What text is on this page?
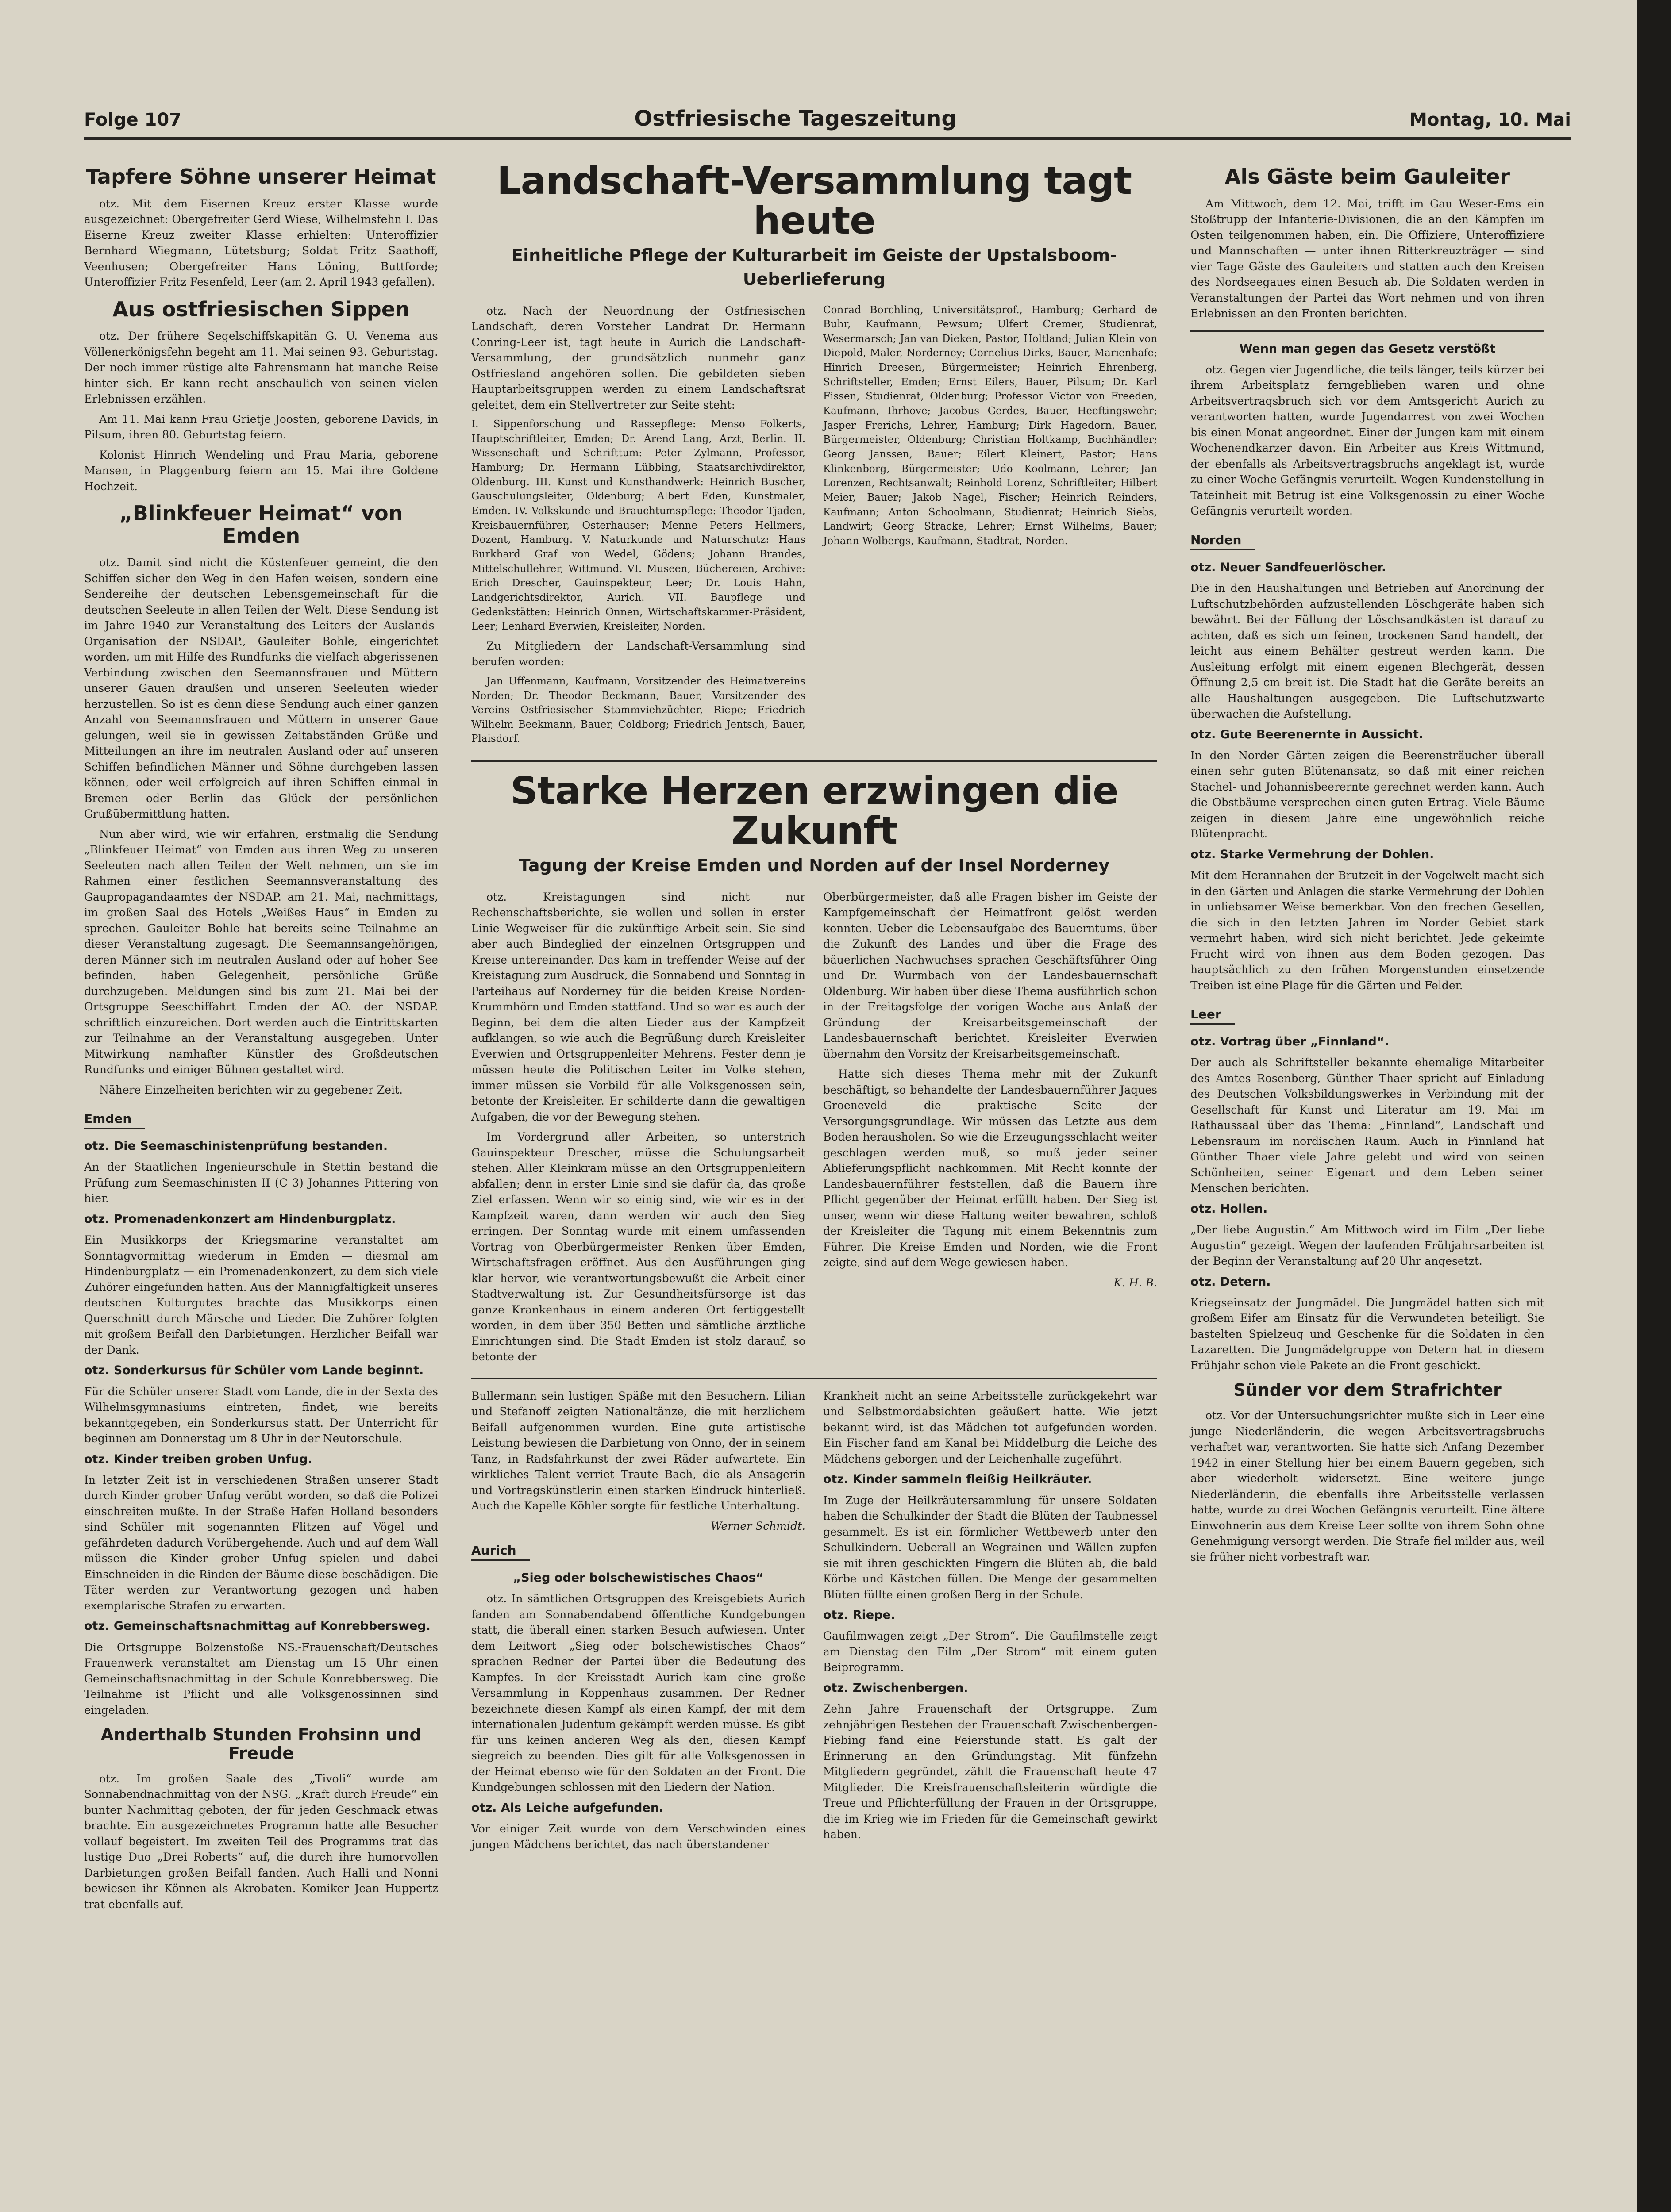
Folge 107	Ostfriesische Tageszeitung	Montag, 10. Mai
Tapfere Söhne unserer Heimat

otz. Mit dem Eisernen Kreuz erster Klasse wurde ausgezeichnet: Obergefreiter Gerd Wiese, Wilhelmsfehn I. Das Eiserne Kreuz zweiter Klasse erhielten: Unteroffizier Bernhard Wiegmann, Lütetsburg; Soldat Fritz Saathoff, Veenhusen; Obergefreiter Hans Löning, Buttforde; Unteroffizier Fritz Fesenfeld, Leer (am 2. April 1943 gefallen).

Aus ostfriesischen Sippen

otz. Der frühere Segelschiffskapitän G. U. Venema aus Völlenerkönigsfehn begeht am 11. Mai seinen 93. Geburtstag. Der noch immer rüstige alte Fahrensmann hat manche Reise hinter sich. Er kann recht anschaulich von seinen vielen Erlebnissen erzählen.

Am 11. Mai kann Frau Grietje Joosten, geborene Davids, in Pilsum, ihren 80. Geburtstag feiern.

Kolonist Hinrich Wendeling und Frau Maria, geborene Mansen, in Plaggenburg feiern am 15. Mai ihre Goldene Hochzeit.

„Blinkfeuer Heimat“ von Emden

otz. Damit sind nicht die Küstenfeuer gemeint, die den Schiffen sicher den Weg in den Hafen weisen, sondern eine Sendereihe der deutschen Lebensgemeinschaft für die deutschen Seeleute in allen Teilen der Welt. Diese Sendung ist im Jahre 1940 zur Veranstaltung des Leiters der Auslands-Organisation der NSDAP., Gauleiter Bohle, eingerichtet worden, um mit Hilfe des Rundfunks die vielfach abgerissenen Verbindung zwischen den Seemannsfrauen und Müttern unserer Gauen draußen und unseren Seeleuten wieder herzustellen. So ist es denn diese Sendung auch einer ganzen Anzahl von Seemannsfrauen und Müttern in unserer Gaue gelungen, weil sie in gewissen Zeitabständen Grüße und Mitteilungen an ihre im neutralen Ausland oder auf unseren Schiffen befindlichen Männer und Söhne durchgeben lassen können, oder weil erfolgreich auf ihren Schiffen einmal in Bremen oder Berlin das Glück der persönlichen Grußübermittlung hatten.

Nun aber wird, wie wir erfahren, erstmalig die Sendung „Blinkfeuer Heimat“ von Emden aus ihren Weg zu unseren Seeleuten nach allen Teilen der Welt nehmen, um sie im Rahmen einer festlichen Seemannsveranstaltung des Gaupropagandaamtes der NSDAP. am 21. Mai, nachmittags, im großen Saal des Hotels „Weißes Haus“ in Emden zu sprechen. Gauleiter Bohle hat bereits seine Teilnahme an dieser Veranstaltung zugesagt. Die Seemannsangehörigen, deren Männer sich im neutralen Ausland oder auf hoher See befinden, haben Gelegenheit, persönliche Grüße durchzugeben. Meldungen sind bis zum 21. Mai bei der Ortsgruppe Seeschiffahrt Emden der AO. der NSDAP. schriftlich einzureichen. Dort werden auch die Eintrittskarten zur Teilnahme an der Veranstaltung ausgegeben. Unter Mitwirkung namhafter Künstler des Großdeutschen Rundfunks und einiger Bühnen gestaltet wird.

Nähere Einzelheiten berichten wir zu gegebener Zeit.

Emden
otz. Die Seemaschinistenprüfung bestanden.

An der Staatlichen Ingenieurschule in Stettin bestand die Prüfung zum Seemaschinisten II (C 3) Johannes Pittering von hier.

otz. Promenadenkonzert am Hindenburgplatz.

Ein Musikkorps der Kriegsmarine veranstaltet am Sonntagvormittag wiederum in Emden — diesmal am Hindenburgplatz — ein Promenadenkonzert, zu dem sich viele Zuhörer eingefunden hatten. Aus der Mannigfaltigkeit unseres deutschen Kulturgutes brachte das Musikkorps einen Querschnitt durch Märsche und Lieder. Die Zuhörer folgten mit großem Beifall den Darbietungen. Herzlicher Beifall war der Dank.

otz. Sonderkursus für Schüler vom Lande beginnt.

Für die Schüler unserer Stadt vom Lande, die in der Sexta des Wilhelmsgymnasiums eintreten, findet, wie bereits bekanntgegeben, ein Sonderkursus statt. Der Unterricht für beginnen am Donnerstag um 8 Uhr in der Neutorschule.

otz. Kinder treiben groben Unfug.

In letzter Zeit ist in verschiedenen Straßen unserer Stadt durch Kinder grober Unfug verübt worden, so daß die Polizei einschreiten mußte. In der Straße Hafen Holland besonders sind Schüler mit sogenannten Flitzen auf Vögel und gefährdeten dadurch Vorübergehende. Auch und auf dem Wall müssen die Kinder grober Unfug spielen und dabei Einschneiden in die Rinden der Bäume diese beschädigen. Die Täter werden zur Verantwortung gezogen und haben exemplarische Strafen zu erwarten.

otz. Gemeinschaftsnachmittag auf Konrebbersweg.

Die Ortsgruppe Bolzenstoße NS.-Frauenschaft/Deutsches Frauenwerk veranstaltet am Dienstag um 15 Uhr einen Gemeinschaftsnachmittag in der Schule Konrebbersweg. Die Teilnahme ist Pflicht und alle Volksgenossinnen sind eingeladen.

Anderthalb Stunden Frohsinn und Freude

otz. Im großen Saale des „Tivoli“ wurde am Sonnabendnachmittag von der NSG. „Kraft durch Freude“ ein bunter Nachmittag geboten, der für jeden Geschmack etwas brachte. Ein ausgezeichnetes Programm hatte alle Besucher vollauf begeistert. Im zweiten Teil des Programms trat das lustige Duo „Drei Roberts“ auf, die durch ihre humorvollen Darbietungen großen Beifall fanden. Auch Halli und Nonni bewiesen ihr Können als Akrobaten. Komiker Jean Huppertz trat ebenfalls auf.

Landschaft-Versammlung tagt heute
Einheitliche Pflege der Kulturarbeit im Geiste der Upstalsboom-Ueberlieferung

otz. Nach der Neuordnung der Ostfriesischen Landschaft, deren Vorsteher Landrat Dr. Hermann Conring-Leer ist, tagt heute in Aurich die Landschaft-Versammlung, der grundsätzlich nunmehr ganz Ostfriesland angehören sollen. Die gebildeten sieben Hauptarbeitsgruppen werden zu einem Landschaftsrat geleitet, dem ein Stellvertreter zur Seite steht:

I. Sippenforschung und Rassepflege: Menso Folkerts, Hauptschriftleiter, Emden; Dr. Arend Lang, Arzt, Berlin. II. Wissenschaft und Schrifttum: Peter Zylmann, Professor, Hamburg; Dr. Hermann Lübbing, Staatsarchivdirektor, Oldenburg. III. Kunst und Kunsthandwerk: Heinrich Buscher, Gauschulungsleiter, Oldenburg; Albert Eden, Kunstmaler, Emden. IV. Volkskunde und Brauchtumspflege: Theodor Tjaden, Kreisbauernführer, Osterhauser; Menne Peters Hellmers, Dozent, Hamburg. V. Naturkunde und Naturschutz: Hans Burkhard Graf von Wedel, Gödens; Johann Brandes, Mittelschullehrer, Wittmund. VI. Museen, Büchereien, Archive: Erich Drescher, Gauinspekteur, Leer; Dr. Louis Hahn, Landgerichtsdirektor, Aurich. VII. Baupflege und Gedenkstätten: Heinrich Onnen, Wirtschaftskammer-Präsident, Leer; Lenhard Everwien, Kreisleiter, Norden.

Zu Mitgliedern der Landschaft-Versammlung sind berufen worden:

Jan Uffenmann, Kaufmann, Vorsitzender des Heimatvereins Norden; Dr. Theodor Beckmann, Bauer, Vorsitzender des Vereins Ostfriesischer Stammviehzüchter, Riepe; Friedrich Wilhelm Beekmann, Bauer, Coldborg; Friedrich Jentsch, Bauer, Plaisdorf.

Conrad Borchling, Universitätsprof., Hamburg; Gerhard de Buhr, Kaufmann, Pewsum; Ulfert Cremer, Studienrat, Wesermarsch; Jan van Dieken, Pastor, Holtland; Julian Klein von Diepold, Maler, Norderney; Cornelius Dirks, Bauer, Marienhafe; Hinrich Dreesen, Bürgermeister; Heinrich Ehrenberg, Schriftsteller, Emden; Ernst Eilers, Bauer, Pilsum; Dr. Karl Fissen, Studienrat, Oldenburg; Professor Victor von Freeden, Kaufmann, Ihrhove; Jacobus Gerdes, Bauer, Heeftingswehr; Jasper Frerichs, Lehrer, Hamburg; Dirk Hagedorn, Bauer, Bürgermeister, Oldenburg; Christian Holtkamp, Buchhändler; Georg Janssen, Bauer; Eilert Kleinert, Pastor; Hans Klinkenborg, Bürgermeister; Udo Koolmann, Lehrer; Jan Lorenzen, Rechtsanwalt; Reinhold Lorenz, Schriftleiter; Hilbert Meier, Bauer; Jakob Nagel, Fischer; Heinrich Reinders, Kaufmann; Anton Schoolmann, Studienrat; Heinrich Siebs, Landwirt; Georg Stracke, Lehrer; Ernst Wilhelms, Bauer; Johann Wolbergs, Kaufmann, Stadtrat, Norden.

Starke Herzen erzwingen die Zukunft
Tagung der Kreise Emden und Norden auf der Insel Norderney

otz. Kreistagungen sind nicht nur Rechenschaftsberichte, sie wollen und sollen in erster Linie Wegweiser für die zukünftige Arbeit sein. Sie sind aber auch Bindeglied der einzelnen Ortsgruppen und Kreise untereinander. Das kam in treffender Weise auf der Kreistagung zum Ausdruck, die Sonnabend und Sonntag in Parteihaus auf Norderney für die beiden Kreise Norden-Krummhörn und Emden stattfand. Und so war es auch der Beginn, bei dem die alten Lieder aus der Kampfzeit aufklangen, so wie auch die Begrüßung durch Kreisleiter Everwien und Ortsgruppenleiter Mehrens. Fester denn je müssen heute die Politischen Leiter im Volke stehen, immer müssen sie Vorbild für alle Volksgenossen sein, betonte der Kreisleiter. Er schilderte dann die gewaltigen Aufgaben, die vor der Bewegung stehen.

Im Vordergrund aller Arbeiten, so unterstrich Gauinspekteur Drescher, müsse die Schulungsarbeit stehen. Aller Kleinkram müsse an den Ortsgruppenleitern abfallen; denn in erster Linie sind sie dafür da, das große Ziel erfassen. Wenn wir so einig sind, wie wir es in der Kampfzeit waren, dann werden wir auch den Sieg erringen. Der Sonntag wurde mit einem umfassenden Vortrag von Oberbürgermeister Renken über Emden, Wirtschaftsfragen eröffnet. Aus den Ausführungen ging klar hervor, wie verantwortungsbewußt die Arbeit einer Stadtverwaltung ist. Zur Gesundheitsfürsorge ist das ganze Krankenhaus in einem anderen Ort fertiggestellt worden, in dem über 350 Betten und sämtliche ärztliche Einrichtungen sind. Die Stadt Emden ist stolz darauf, so betonte der

Oberbürgermeister, daß alle Fragen bisher im Geiste der Kampfgemeinschaft der Heimatfront gelöst werden konnten. Ueber die Lebensaufgabe des Bauerntums, über die Zukunft des Landes und über die Frage des bäuerlichen Nachwuchses sprachen Geschäftsführer Oing und Dr. Wurmbach von der Landesbauernschaft Oldenburg. Wir haben über diese Thema ausführlich schon in der Freitagsfolge der vorigen Woche aus Anlaß der Gründung der Kreisarbeitsgemeinschaft der Landesbauernschaft berichtet. Kreisleiter Everwien übernahm den Vorsitz der Kreisarbeitsgemeinschaft.

Hatte sich dieses Thema mehr mit der Zukunft beschäftigt, so behandelte der Landesbauernführer Jaques Groeneveld die praktische Seite der Versorgungsgrundlage. Wir müssen das Letzte aus dem Boden herausholen. So wie die Erzeugungsschlacht weiter geschlagen werden muß, so muß jeder seiner Ablieferungspflicht nachkommen. Mit Recht konnte der Landesbauernführer feststellen, daß die Bauern ihre Pflicht gegenüber der Heimat erfüllt haben. Der Sieg ist unser, wenn wir diese Haltung weiter bewahren, schloß der Kreisleiter die Tagung mit einem Bekenntnis zum Führer. Die Kreise Emden und Norden, wie die Front zeigte, sind auf dem Wege gewiesen haben.

K. H. B.

Bullermann sein lustigen Späße mit den Besuchern. Lilian und Stefanoff zeigten Nationaltänze, die mit herzlichem Beifall aufgenommen wurden. Eine gute artistische Leistung bewiesen die Darbietung von Onno, der in seinem Tanz, in Radsfahrkunst der zwei Räder aufwartete. Ein wirkliches Talent verriet Traute Bach, die als Ansagerin und Vortragskünstlerin einen starken Eindruck hinterließ. Auch die Kapelle Köhler sorgte für festliche Unterhaltung.

Werner Schmidt.
Aurich
„Sieg oder bolschewistisches Chaos“

otz. In sämtlichen Ortsgruppen des Kreisgebiets Aurich fanden am Sonnabendabend öffentliche Kundgebungen statt, die überall einen starken Besuch aufwiesen. Unter dem Leitwort „Sieg oder bolschewistisches Chaos“ sprachen Redner der Partei über die Bedeutung des Kampfes. In der Kreisstadt Aurich kam eine große Versammlung in Koppenhaus zusammen. Der Redner bezeichnete diesen Kampf als einen Kampf, der mit dem internationalen Judentum gekämpft werden müsse. Es gibt für uns keinen anderen Weg als den, diesen Kampf siegreich zu beenden. Dies gilt für alle Volksgenossen in der Heimat ebenso wie für den Soldaten an der Front. Die Kundgebungen schlossen mit den Liedern der Nation.

otz. Als Leiche aufgefunden.

Vor einiger Zeit wurde von dem Verschwinden eines jungen Mädchens berichtet, das nach überstandener

Krankheit nicht an seine Arbeitsstelle zurückgekehrt war und Selbstmordabsichten geäußert hatte. Wie jetzt bekannt wird, ist das Mädchen tot aufgefunden worden. Ein Fischer fand am Kanal bei Middelburg die Leiche des Mädchens geborgen und der Leichenhalle zugeführt.

otz. Kinder sammeln fleißig Heilkräuter.

Im Zuge der Heilkräutersammlung für unsere Soldaten haben die Schulkinder der Stadt die Blüten der Taubnessel gesammelt. Es ist ein förmlicher Wettbewerb unter den Schulkindern. Ueberall an Wegrainen und Wällen zupfen sie mit ihren geschickten Fingern die Blüten ab, die bald Körbe und Kästchen füllen. Die Menge der gesammelten Blüten füllte einen großen Berg in der Schule.

otz. Riepe.

Gaufilmwagen zeigt „Der Strom“. Die Gaufilmstelle zeigt am Dienstag den Film „Der Strom“ mit einem guten Beiprogramm.

otz. Zwischenbergen.

Zehn Jahre Frauenschaft der Ortsgruppe. Zum zehnjährigen Bestehen der Frauenschaft Zwischenbergen-Fiebing fand eine Feierstunde statt. Es galt der Erinnerung an den Gründungstag. Mit fünfzehn Mitgliedern gegründet, zählt die Frauenschaft heute 47 Mitglieder. Die Kreisfrauenschaftsleiterin würdigte die Treue und Pflichterfüllung der Frauen in der Ortsgruppe, die im Krieg wie im Frieden für die Gemeinschaft gewirkt haben.

Als Gäste beim Gauleiter

Am Mittwoch, dem 12. Mai, trifft im Gau Weser-Ems ein Stoßtrupp der Infanterie-Divisionen, die an den Kämpfen im Osten teilgenommen haben, ein. Die Offiziere, Unteroffiziere und Mannschaften — unter ihnen Ritterkreuzträger — sind vier Tage Gäste des Gauleiters und statten auch den Kreisen des Nordseegaues einen Besuch ab. Die Soldaten werden in Veranstaltungen der Partei das Wort nehmen und von ihren Erlebnissen an den Fronten berichten.

Wenn man gegen das Gesetz verstößt

otz. Gegen vier Jugendliche, die teils länger, teils kürzer bei ihrem Arbeitsplatz ferngeblieben waren und ohne Arbeitsvertragsbruch sich vor dem Amtsgericht Aurich zu verantworten hatten, wurde Jugendarrest von zwei Wochen bis einen Monat angeordnet. Einer der Jungen kam mit einem Wochenendkarzer davon. Ein Arbeiter aus Kreis Wittmund, der ebenfalls als Arbeitsvertragsbruchs angeklagt ist, wurde zu einer Woche Gefängnis verurteilt. Wegen Kundenstellung in Tateinheit mit Betrug ist eine Volksgenossin zu einer Woche Gefängnis verurteilt worden.

Norden
otz. Neuer Sandfeuerlöscher.

Die in den Haushaltungen und Betrieben auf Anordnung der Luftschutzbehörden aufzustellenden Löschgeräte haben sich bewährt. Bei der Füllung der Löschsandkästen ist darauf zu achten, daß es sich um feinen, trockenen Sand handelt, der leicht aus einem Behälter gestreut werden kann. Die Ausleitung erfolgt mit einem eigenen Blechgerät, dessen Öffnung 2,5 cm breit ist. Die Stadt hat die Geräte bereits an alle Haushaltungen ausgegeben. Die Luftschutzwarte überwachen die Aufstellung.

otz. Gute Beerenernte in Aussicht.

In den Norder Gärten zeigen die Beerensträucher überall einen sehr guten Blütenansatz, so daß mit einer reichen Stachel- und Johannisbeerernte gerechnet werden kann. Auch die Obstbäume versprechen einen guten Ertrag. Viele Bäume zeigen in diesem Jahre eine ungewöhnlich reiche Blütenpracht.

otz. Starke Vermehrung der Dohlen.

Mit dem Herannahen der Brutzeit in der Vogelwelt macht sich in den Gärten und Anlagen die starke Vermehrung der Dohlen in unliebsamer Weise bemerkbar. Von den frechen Gesellen, die sich in den letzten Jahren im Norder Gebiet stark vermehrt haben, wird sich nicht berichtet. Jede gekeimte Frucht wird von ihnen aus dem Boden gezogen. Das hauptsächlich zu den frühen Morgenstunden einsetzende Treiben ist eine Plage für die Gärten und Felder.

Leer
otz. Vortrag über „Finnland“.

Der auch als Schriftsteller bekannte ehemalige Mitarbeiter des Amtes Rosenberg, Günther Thaer spricht auf Einladung des Deutschen Volksbildungswerkes in Verbindung mit der Gesellschaft für Kunst und Literatur am 19. Mai im Rathaussaal über das Thema: „Finnland“, Landschaft und Lebensraum im nordischen Raum. Auch in Finnland hat Günther Thaer viele Jahre gelebt und wird von seinen Schönheiten, seiner Eigenart und dem Leben seiner Menschen berichten.

otz. Hollen.

„Der liebe Augustin.“ Am Mittwoch wird im Film „Der liebe Augustin“ gezeigt. Wegen der laufenden Frühjahrsarbeiten ist der Beginn der Veranstaltung auf 20 Uhr angesetzt.

otz. Detern.

Kriegseinsatz der Jungmädel. Die Jungmädel hatten sich mit großem Eifer am Einsatz für die Verwundeten beteiligt. Sie bastelten Spielzeug und Geschenke für die Soldaten in den Lazaretten. Die Jungmädelgruppe von Detern hat in diesem Frühjahr schon viele Pakete an die Front geschickt.

Sünder vor dem Strafrichter

otz. Vor der Untersuchungsrichter mußte sich in Leer eine junge Niederländerin, die wegen Arbeitsvertragsbruchs verhaftet war, verantworten. Sie hatte sich Anfang Dezember 1942 in einer Stellung hier bei einem Bauern gegeben, sich aber wiederholt widersetzt. Eine weitere junge Niederländerin, die ebenfalls ihre Arbeitsstelle verlassen hatte, wurde zu drei Wochen Gefängnis verurteilt. Eine ältere Einwohnerin aus dem Kreise Leer sollte von ihrem Sohn ohne Genehmigung versorgt werden. Die Strafe fiel milder aus, weil sie früher nicht vorbestraft war.
